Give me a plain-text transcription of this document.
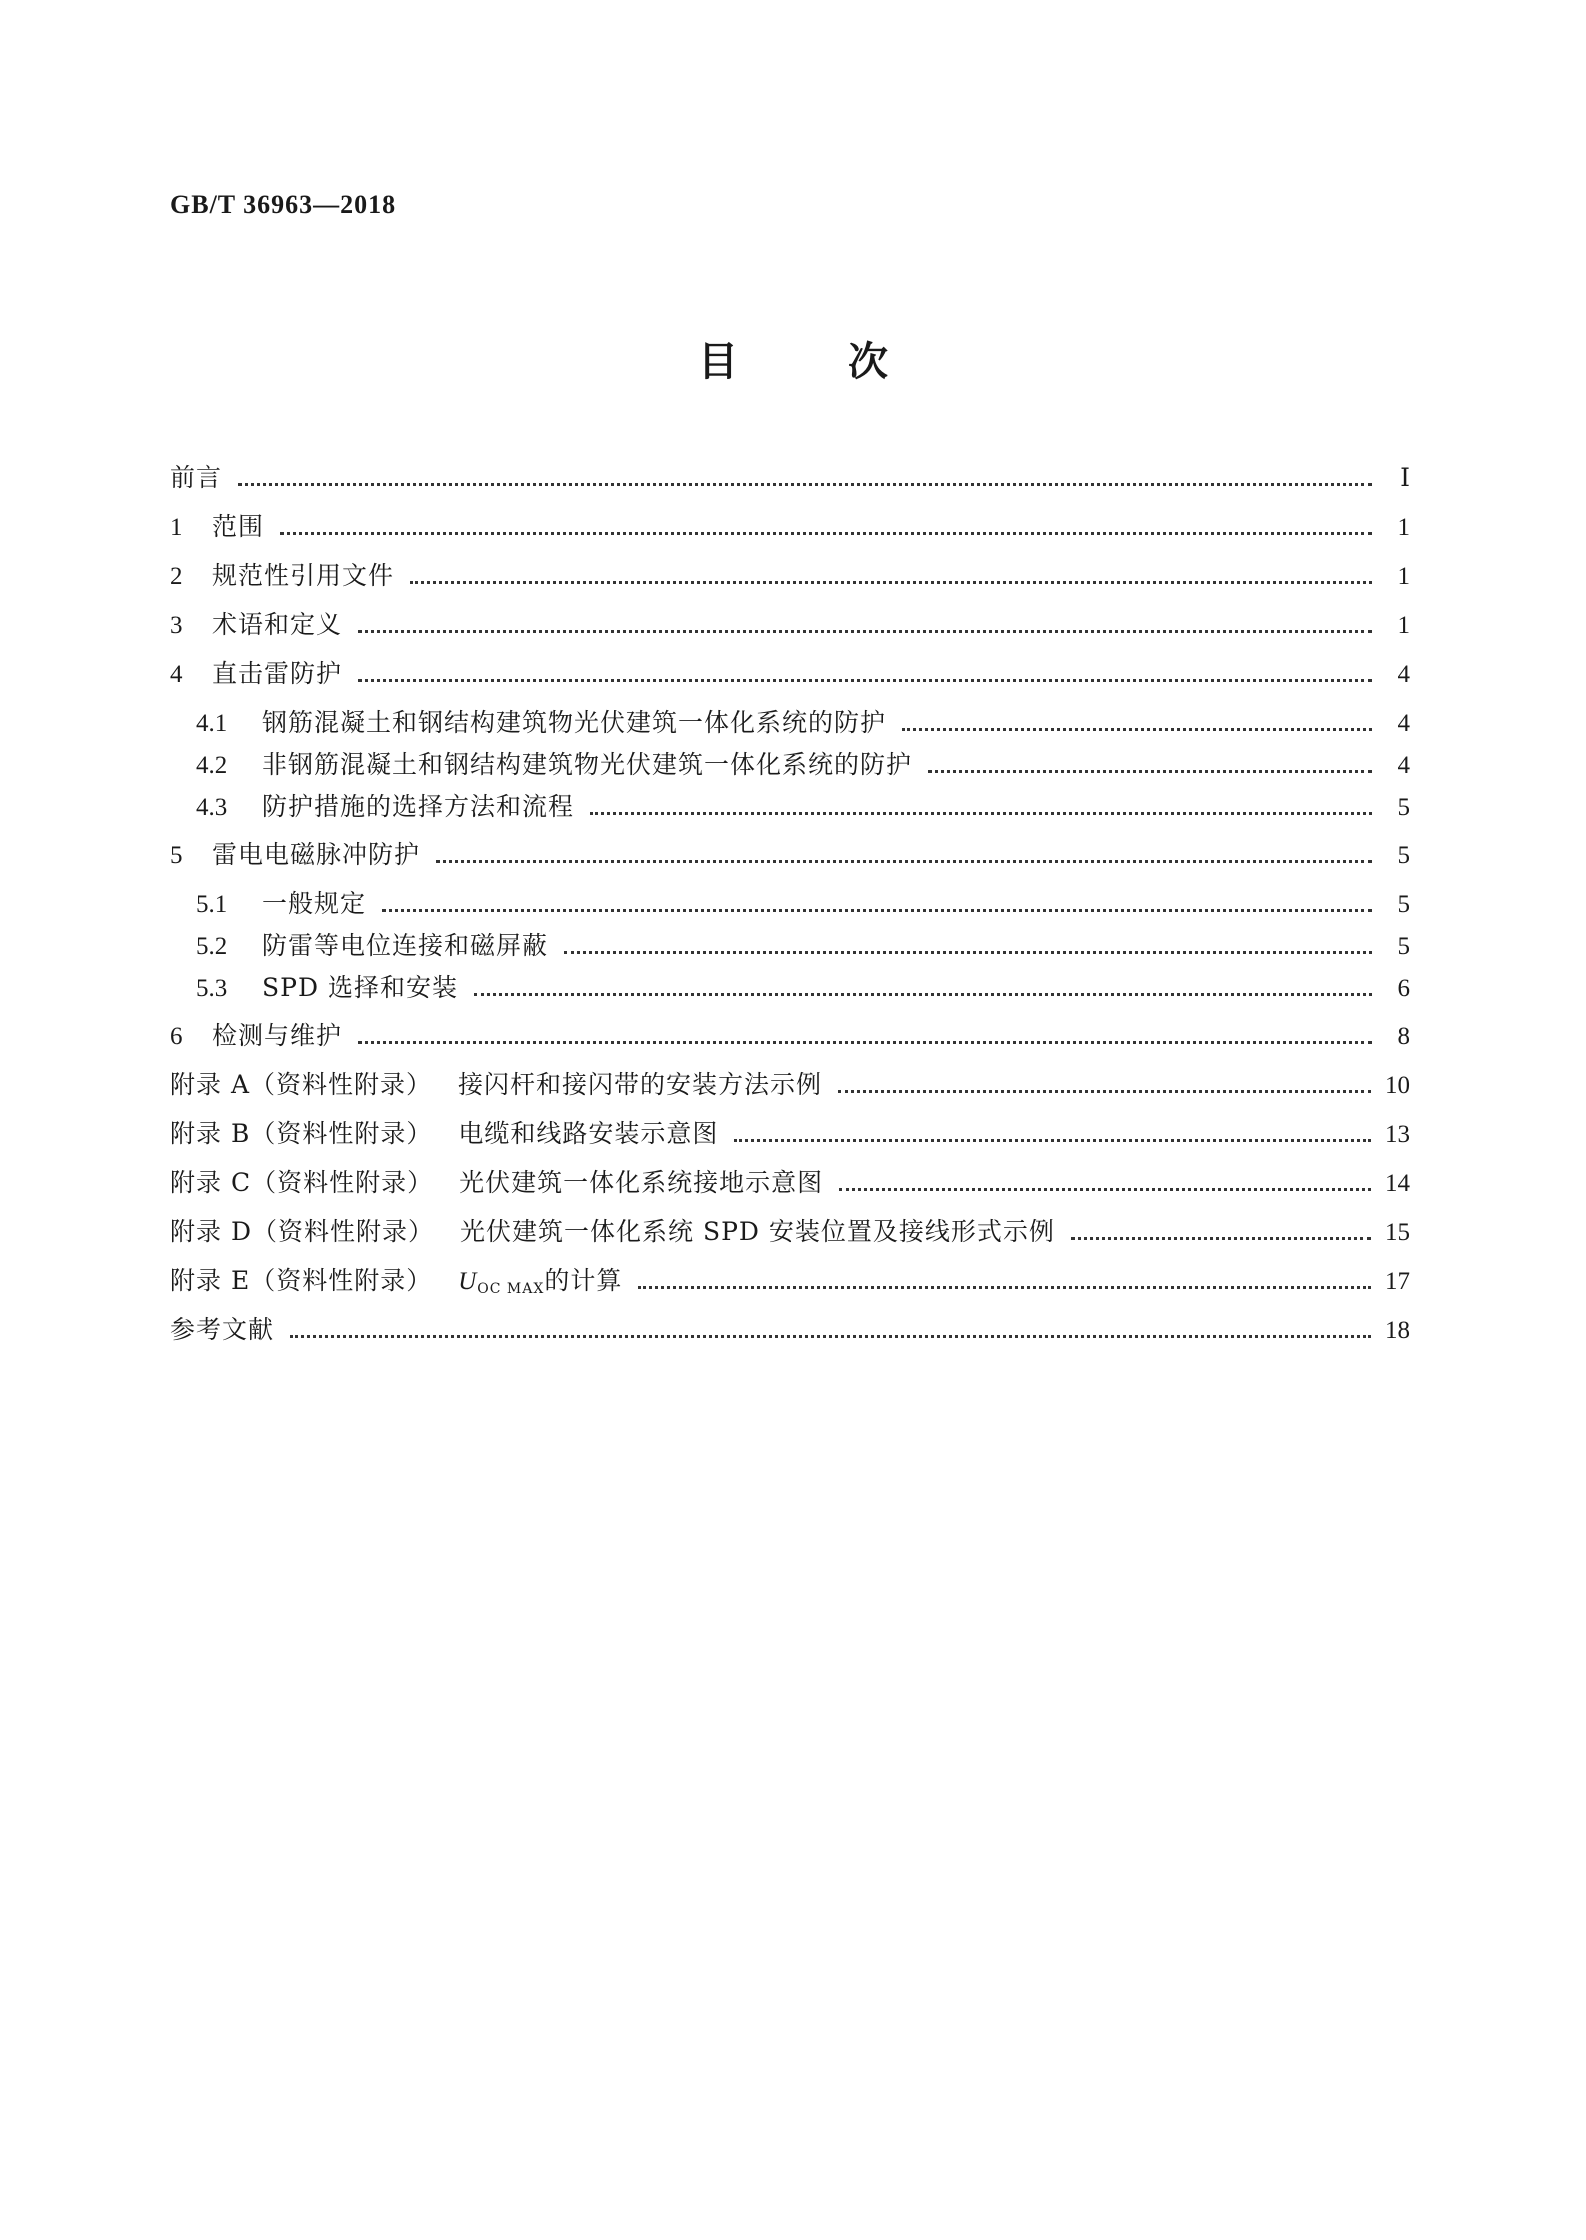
GB/T 36963—2018
目	次
前言	Ⅰ
1	范围	1
2	规范性引用文件	1
3	术语和定义	1
4	直击雷防护	4
4.1	钢筋混凝土和钢结构建筑物光伏建筑一体化系统的防护	4
4.2	非钢筋混凝土和钢结构建筑物光伏建筑一体化系统的防护	4
4.3	防护措施的选择方法和流程	5
5	雷电电磁脉冲防护	5
5.1	一般规定	5
5.2	防雷等电位连接和磁屏蔽	5
5.3	SPD 选择和安装	6
6	检测与维护	8
附录 A（资料性附录） 接闪杆和接闪带的安装方法示例	10
附录 B（资料性附录） 电缆和线路安装示意图	13
附录 C（资料性附录） 光伏建筑一体化系统接地示意图	14
附录 D（资料性附录） 光伏建筑一体化系统 SPD 安装位置及接线形式示例	15
附录 E（资料性附录） UOC MAX的计算	17
参考文献	18
